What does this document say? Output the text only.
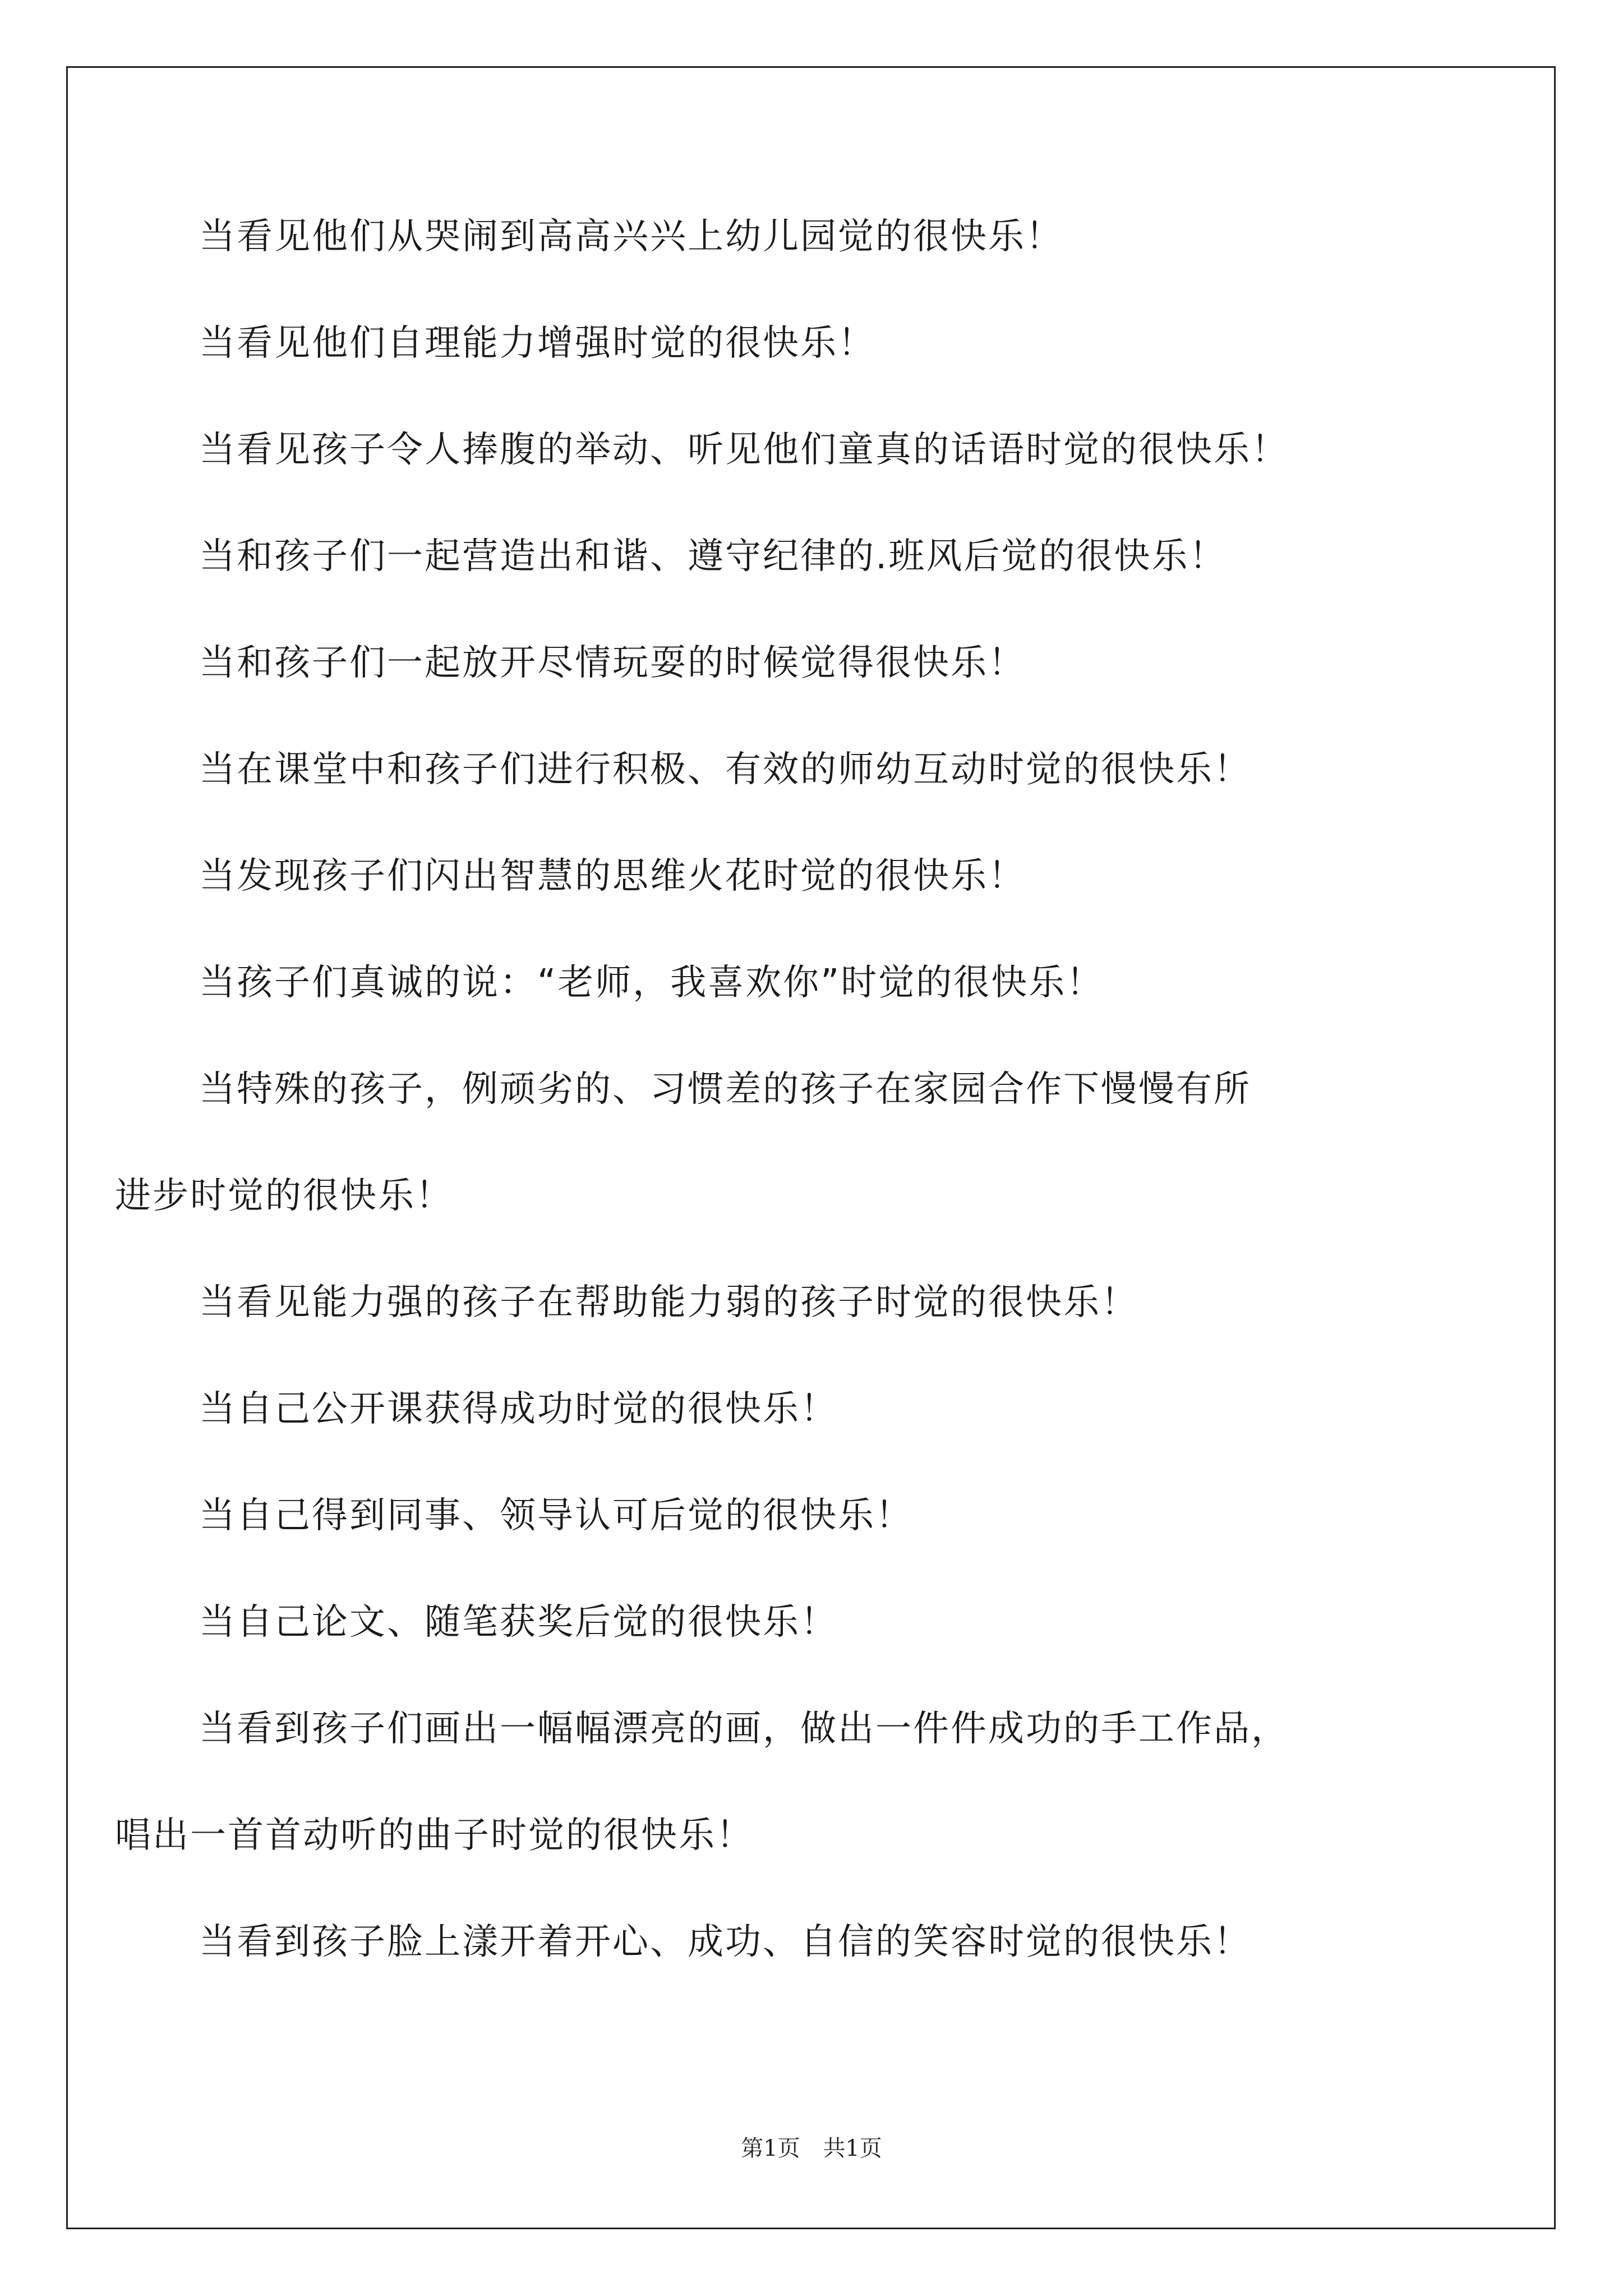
当看见他们从哭闹到高高兴兴上幼儿园觉的很快乐！

当看见他们自理能力增强时觉的很快乐！

当看见孩子令人捧腹的举动、听见他们童真的话语时觉的很快乐！

当和孩子们一起营造出和谐、遵守纪律的.班风后觉的很快乐！

当和孩子们一起放开尽情玩耍的时候觉得很快乐！

当在课堂中和孩子们进行积极、有效的师幼互动时觉的很快乐！

当发现孩子们闪出智慧的思维火花时觉的很快乐！

当孩子们真诚的说：“老师，我喜欢你”时觉的很快乐！

当特殊的孩子，例顽劣的、习惯差的孩子在家园合作下慢慢有所

进步时觉的很快乐！

当看见能力强的孩子在帮助能力弱的孩子时觉的很快乐！

当自己公开课获得成功时觉的很快乐！

当自己得到同事、领导认可后觉的很快乐！

当自己论文、随笔获奖后觉的很快乐！

当看到孩子们画出一幅幅漂亮的画，做出一件件成功的手工作品，

唱出一首首动听的曲子时觉的很快乐！

当看到孩子脸上漾开着开心、成功、自信的笑容时觉的很快乐！

第1页 共1页
